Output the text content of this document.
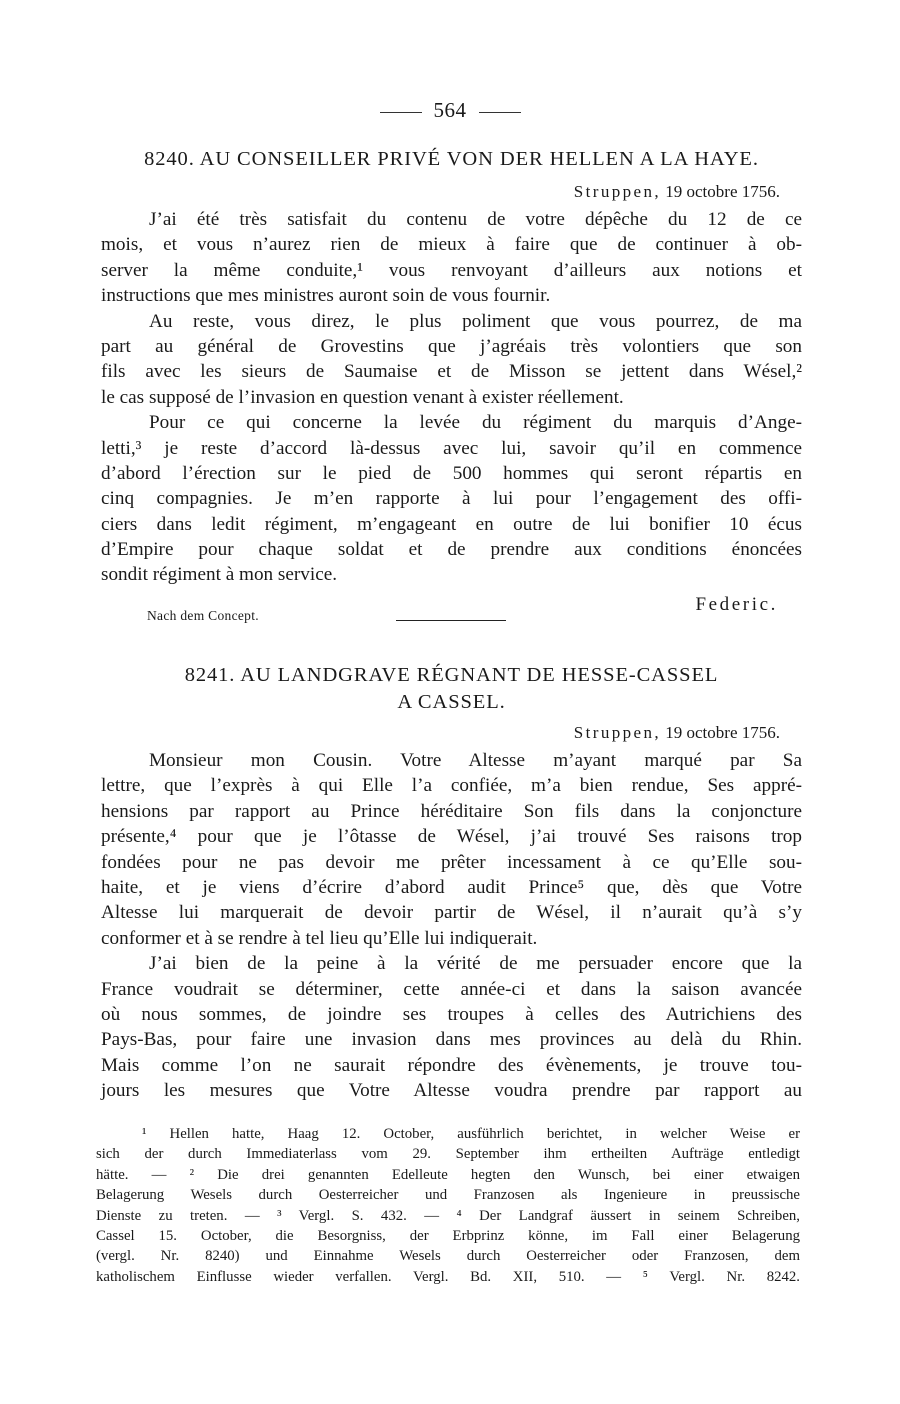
564
8240. AU CONSEILLER PRIVÉ VON DER HELLEN A LA HAYE.
Struppen, 19 octobre 1756.
J’ai été très satisfait du contenu de votre dépêche du 12 de ce
mois, et vous n’aurez rien de mieux à faire que de continuer à ob-
server la même conduite,¹ vous renvoyant d’ailleurs aux notions et
instructions que mes ministres auront soin de vous fournir.
Au reste, vous direz, le plus poliment que vous pourrez, de ma
part au général de Grovestins que j’agréais très volontiers que son
fils avec les sieurs de Saumaise et de Misson se jettent dans Wésel,²
le cas supposé de l’invasion en question venant à exister réellement.
Pour ce qui concerne la levée du régiment du marquis d’Ange-
letti,³ je reste d’accord là-dessus avec lui, savoir qu’il en commence
d’abord l’érection sur le pied de 500 hommes qui seront répartis en
cinq compagnies. Je m’en rapporte à lui pour l’engagement des offi-
ciers dans ledit régiment, m’engageant en outre de lui bonifier 10 écus
d’Empire pour chaque soldat et de prendre aux conditions énoncées
sondit régiment à mon service.
Nach dem Concept.
Federic.
8241. AU LANDGRAVE RÉGNANT DE HESSE-CASSEL
A CASSEL.
Struppen, 19 octobre 1756.
Monsieur mon Cousin. Votre Altesse m’ayant marqué par Sa
lettre, que l’exprès à qui Elle l’a confiée, m’a bien rendue, Ses appré-
hensions par rapport au Prince héréditaire Son fils dans la conjoncture
présente,⁴ pour que je l’ôtasse de Wésel, j’ai trouvé Ses raisons trop
fondées pour ne pas devoir me prêter incessament à ce qu’Elle sou-
haite, et je viens d’écrire d’abord audit Prince⁵ que, dès que Votre
Altesse lui marquerait de devoir partir de Wésel, il n’aurait qu’à s’y
conformer et à se rendre à tel lieu qu’Elle lui indiquerait.
J’ai bien de la peine à la vérité de me persuader encore que la
France voudrait se déterminer, cette année-ci et dans la saison avancée
où nous sommes, de joindre ses troupes à celles des Autrichiens des
Pays-Bas, pour faire une invasion dans mes provinces au delà du Rhin.
Mais comme l’on ne saurait répondre des évènements, je trouve tou-
jours les mesures que Votre Altesse voudra prendre par rapport au
¹ Hellen hatte, Haag 12. October, ausführlich berichtet, in welcher Weise er
sich der durch Immediaterlass vom 29. September ihm ertheilten Aufträge entledigt
hätte. — ² Die drei genannten Edelleute hegten den Wunsch, bei einer etwaigen
Belagerung Wesels durch Oesterreicher und Franzosen als Ingenieure in preussische
Dienste zu treten. — ³ Vergl. S. 432. — ⁴ Der Landgraf äussert in seinem Schreiben,
Cassel 15. October, die Besorgniss, der Erbprinz könne, im Fall einer Belagerung
(vergl. Nr. 8240) und Einnahme Wesels durch Oesterreicher oder Franzosen, dem
katholischem Einflusse wieder verfallen. Vergl. Bd. XII, 510. — ⁵ Vergl. Nr. 8242.
